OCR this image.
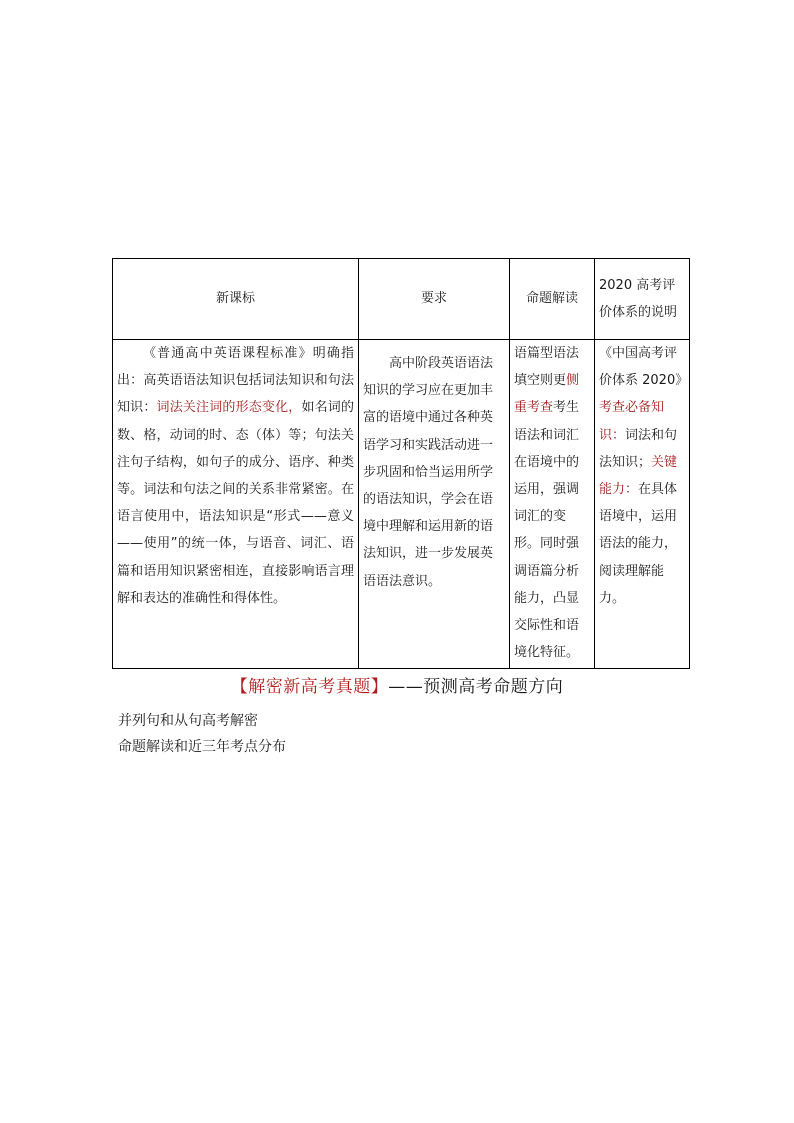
新课标	要求	命题解读	2020 高考评价体系的说明

《普通高中英语课程标准》明确指出：高英语语法知识包括词法知识和句法知识：词法关注词的形态变化，如名词的数、格，动词的时、态（体）等；句法关注句子结构，如句子的成分、语序、种类等。词法和句法之间的关系非常紧密。在语言使用中，语法知识是“形式——意义——使用”的统一体，与语音、词汇、语篇和语用知识紧密相连，直接影响语言理解和表达的准确性和得体性。	高中阶段英语语法知识的学习应在更加丰富的语境中通过各种英语学习和实践活动进一步巩固和恰当运用所学的语法知识，学会在语境中理解和运用新的语法知识，进一步发展英语语法意识。	语篇型语法填空则更侧重考查考生语法和词汇在语境中的运用，强调词汇的变形。同时强调语篇分析能力，凸显交际性和语境化特征。	《中国高考评价体系 2020》考查必备知识：词法和句法知识；关键能力：在具体语境中，运用语法的能力，阅读理解能力。
【解密新高考真题】——预测高考命题方向
并列句和从句高考解密
命题解读和近三年考点分布
